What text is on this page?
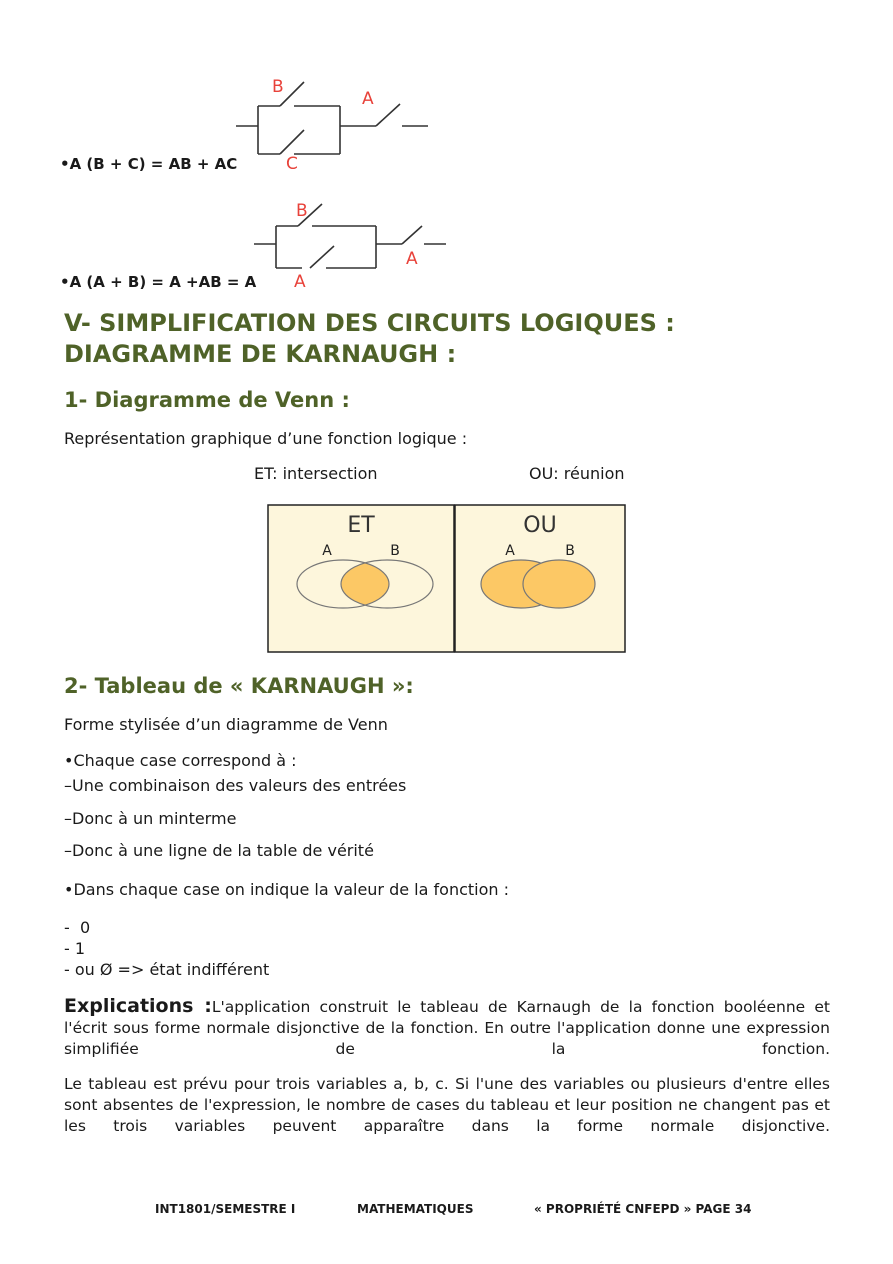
B
C
A
•A (B + C) = AB + AC
B
A
A
•A (A + B) = A +AB = A
V- SIMPLIFICATION DES CIRCUITS LOGIQUES : DIAGRAMME DE KARNAUGH :
1- Diagramme de Venn :
Représentation graphique d’une fonction logique :
ET: intersection	OU: réunion
ET
A	B
OU
A	B
2- Tableau de « KARNAUGH »:
Forme stylisée d’un diagramme de Venn
•Chaque case correspond à :
–Une combinaison des valeurs des entrées
–Donc à un minterme
–Donc à une ligne de la table de vérité
•Dans chaque case on indique la valeur de la fonction :
-  0
- 1
- ou Ø => état indifférent
Explications :L'application construit le tableau de Karnaugh de la fonction booléenne et l'écrit sous forme normale disjonctive de la fonction. En outre l'application donne une expression simplifiée de la fonction.
Le tableau est prévu pour trois variables a, b, c. Si l'une des variables ou plusieurs d'entre elles sont absentes de l'expression, le nombre de cases du tableau et leur position ne changent pas et les trois variables peuvent apparaître dans la forme normale disjonctive.
INT1801/SEMESTRE I	MATHEMATIQUES	« PROPRIÉTÉ CNFEPD » PAGE 34
